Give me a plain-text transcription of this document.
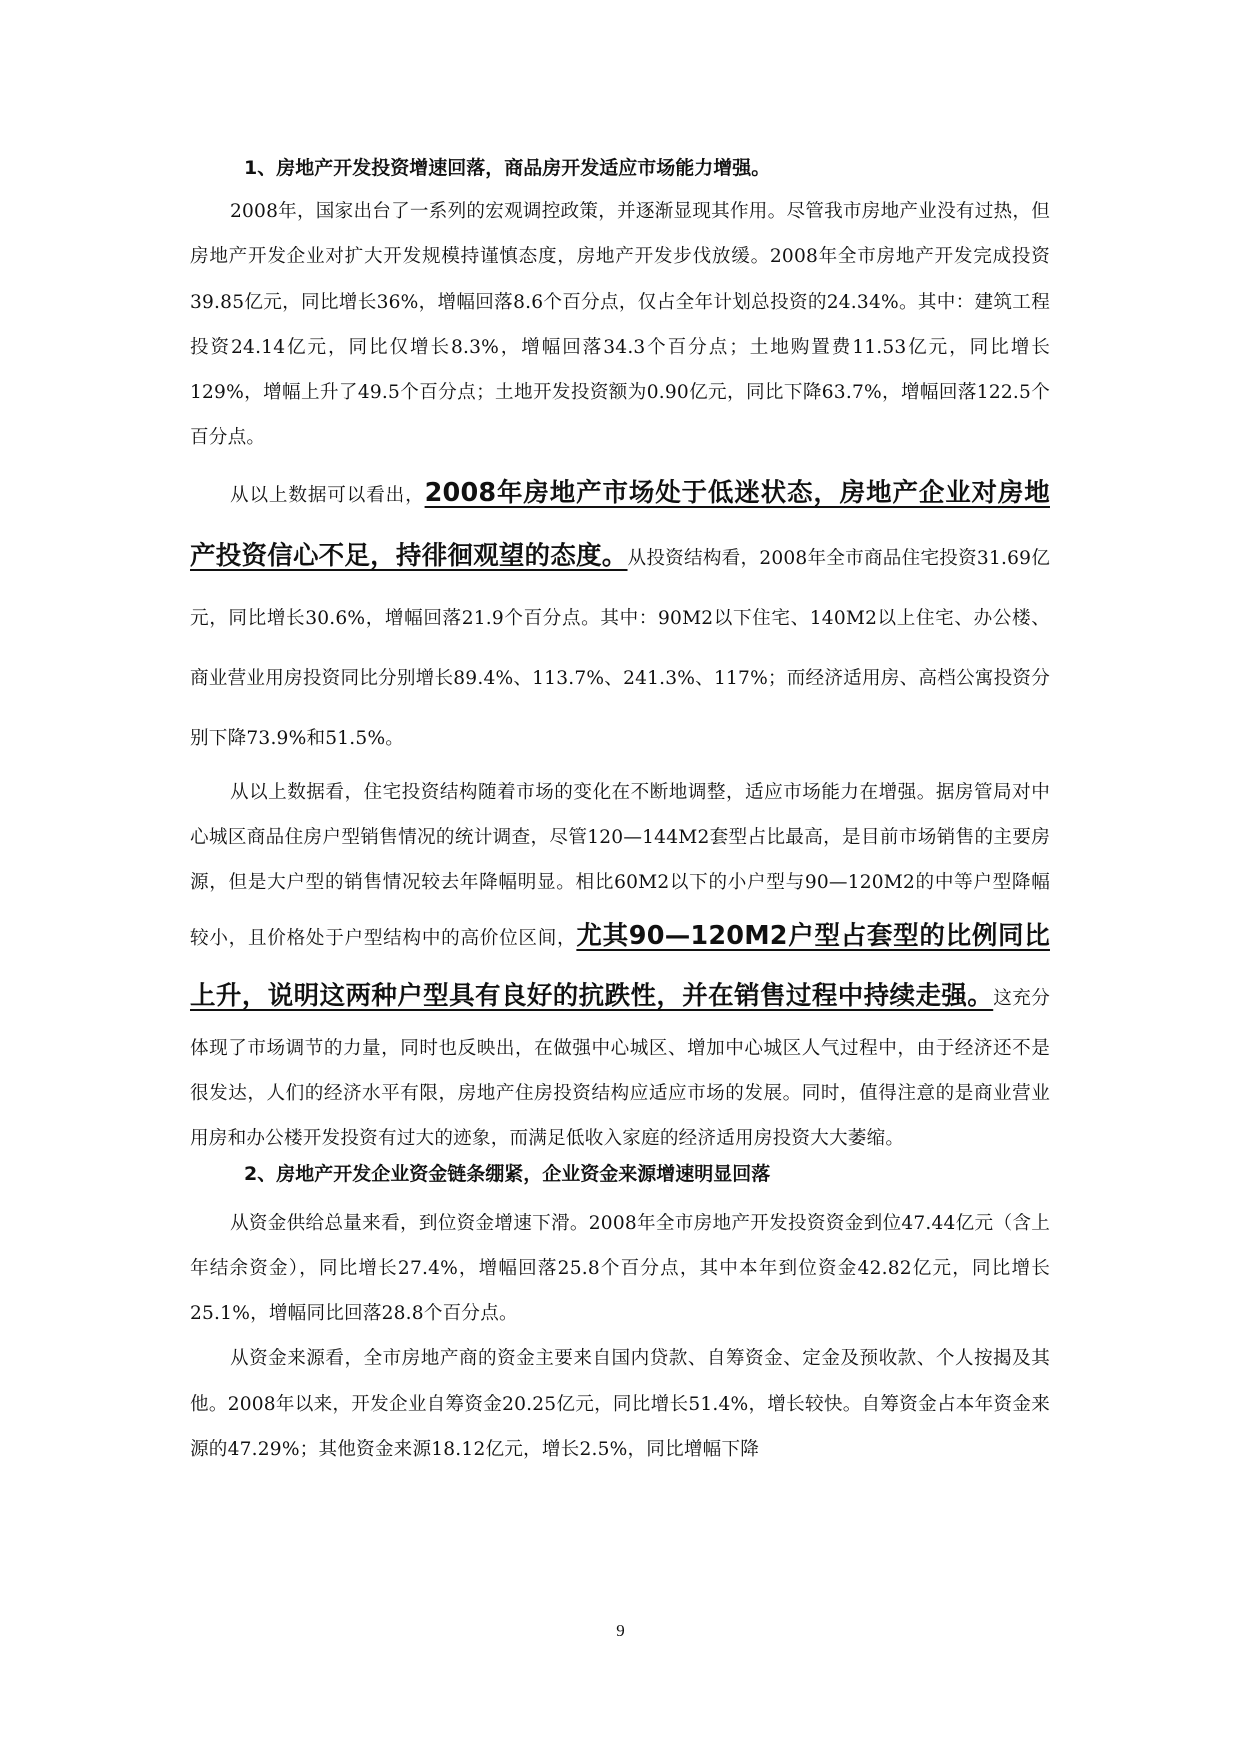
1、房地产开发投资增速回落，商品房开发适应市场能力增强。

2008年，国家出台了一系列的宏观调控政策，并逐渐显现其作用。尽管我市房地产业没有过热，但房地产开发企业对扩大开发规模持谨慎态度，房地产开发步伐放缓。2008年全市房地产开发完成投资39.85亿元，同比增长36%，增幅回落8.6个百分点，仅占全年计划总投资的24.34%。其中：建筑工程投资24.14亿元，同比仅增长8.3%，增幅回落34.3个百分点；土地购置费11.53亿元，同比增长129%，增幅上升了49.5个百分点；土地开发投资额为0.90亿元，同比下降63.7%，增幅回落122.5个百分点。

从以上数据可以看出，2008年房地产市场处于低迷状态，房地产企业对房地产投资信心不足，持徘徊观望的态度。从投资结构看，2008年全市商品住宅投资31.69亿元，同比增长30.6%，增幅回落21.9个百分点。其中：90M2以下住宅、140M2以上住宅、办公楼、商业营业用房投资同比分别增长89.4%、113.7%、241.3%、117%；而经济适用房、高档公寓投资分别下降73.9%和51.5%。

从以上数据看，住宅投资结构随着市场的变化在不断地调整，适应市场能力在增强。据房管局对中心城区商品住房户型销售情况的统计调查，尽管120—144M2套型占比最高，是目前市场销售的主要房源，但是大户型的销售情况较去年降幅明显。相比60M2以下的小户型与90—120M2的中等户型降幅较小，且价格处于户型结构中的高价位区间，尤其90—120M2户型占套型的比例同比上升，说明这两种户型具有良好的抗跌性，并在销售过程中持续走强。这充分体现了市场调节的力量，同时也反映出，在做强中心城区、增加中心城区人气过程中，由于经济还不是很发达，人们的经济水平有限，房地产住房投资结构应适应市场的发展。同时，值得注意的是商业营业用房和办公楼开发投资有过大的迹象，而满足低收入家庭的经济适用房投资大大萎缩。

2、房地产开发企业资金链条绷紧，企业资金来源增速明显回落

从资金供给总量来看，到位资金增速下滑。2008年全市房地产开发投资资金到位47.44亿元（含上年结余资金），同比增长27.4%，增幅回落25.8个百分点，其中本年到位资金42.82亿元，同比增长25.1%，增幅同比回落28.8个百分点。

从资金来源看，全市房地产商的资金主要来自国内贷款、自筹资金、定金及预收款、个人按揭及其他。2008年以来，开发企业自筹资金20.25亿元，同比增长51.4%，增长较快。自筹资金占本年资金来源的47.29%；其他资金来源18.12亿元，增长2.5%，同比增幅下降

9
